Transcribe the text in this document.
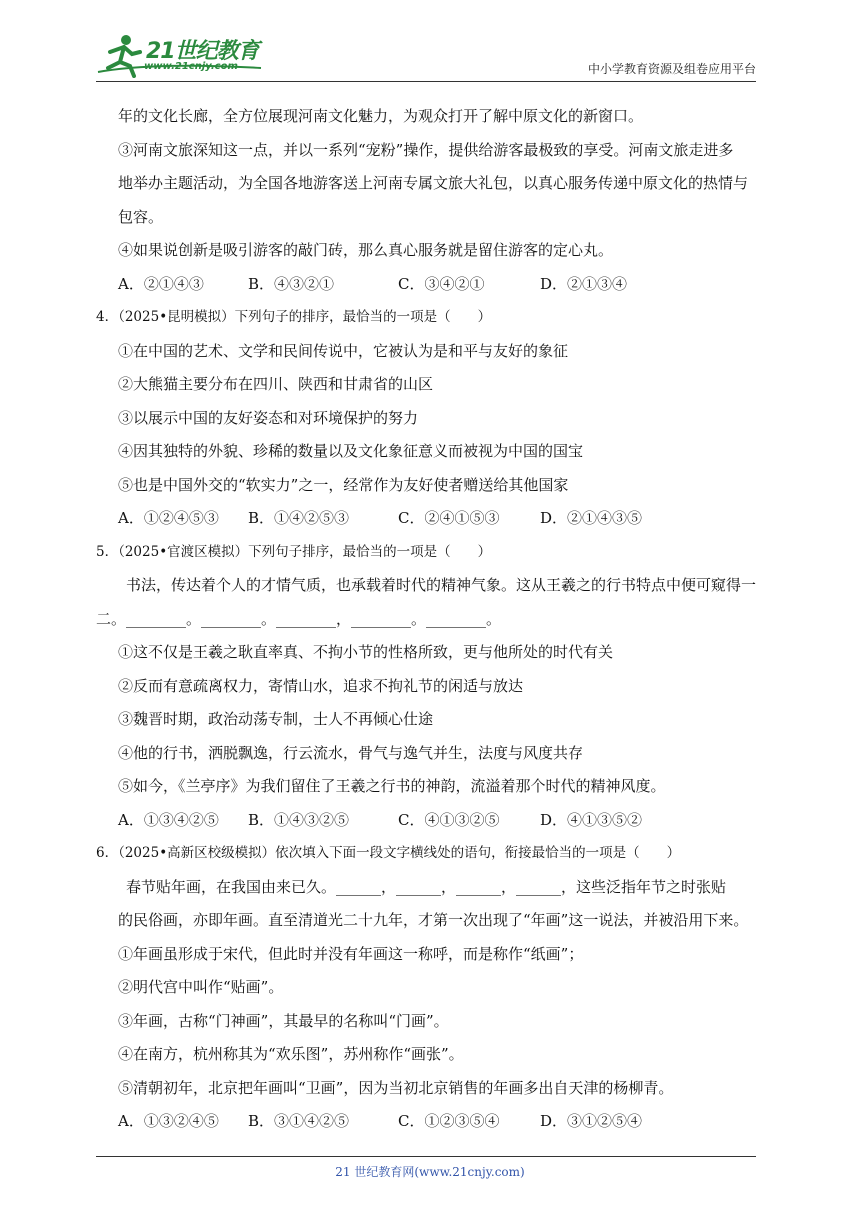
21世纪教育
www.21cnjy.com	中小学教育资源及组卷应用平台
年的文化长廊，全方位展现河南文化魅力，为观众打开了解中原文化的新窗口。
③河南文旅深知这一点，并以一系列“宠粉”操作，提供给游客最极致的享受。河南文旅走进多
地举办主题活动，为全国各地游客送上河南专属文旅大礼包，以真心服务传递中原文化的热情与
包容。
④如果说创新是吸引游客的敲门砖，那么真心服务就是留住游客的定心丸。
A．②①④③	B．④③②①	C．③④②①	D．②①③④
4．（2025•昆明模拟）下列句子的排序，最恰当的一项是（　　）
①在中国的艺术、文学和民间传说中，它被认为是和平与友好的象征
②大熊猫主要分布在四川、陕西和甘肃省的山区
③以展示中国的友好姿态和对环境保护的努力
④因其独特的外貌、珍稀的数量以及文化象征意义而被视为中国的国宝
⑤也是中国外交的“软实力”之一，经常作为友好使者赠送给其他国家
A．①②④⑤③ B．①④②⑤③	C．②④①⑤③	D．②①④③⑤
5．（2025•官渡区模拟）下列句子排序，最恰当的一项是（　　）
书法，传达着个人的才情气质，也承载着时代的精神气象。这从王羲之的行书特点中便可窥得一
二。________。________。________，________。________。
①这不仅是王羲之耿直率真、不拘小节的性格所致，更与他所处的时代有关
②反而有意疏离权力，寄情山水，追求不拘礼节的闲适与放达
③魏晋时期，政治动荡专制，士人不再倾心仕途
④他的行书，洒脱飘逸，行云流水，骨气与逸气并生，法度与风度共存
⑤如今，《兰亭序》为我们留住了王羲之行书的神韵，流溢着那个时代的精神风度。
A．①③④②⑤ B．①④③②⑤	C．④①③②⑤	D．④①③⑤②
6．（2025•高新区校级模拟）依次填入下面一段文字横线处的语句，衔接最恰当的一项是（　　）
春节贴年画，在我国由来已久。______，______，______，______，这些泛指年节之时张贴
的民俗画，亦即年画。直至清道光二十九年，才第一次出现了“年画”这一说法，并被沿用下来。
①年画虽形成于宋代，但此时并没有年画这一称呼，而是称作“纸画”；
②明代宫中叫作“贴画”。
③年画，古称“门神画”，其最早的名称叫“门画”。
④在南方，杭州称其为“欢乐图”，苏州称作“画张”。
⑤清朝初年，北京把年画叫“卫画”，因为当初北京销售的年画多出自天津的杨柳青。
A．①③②④⑤ B．③①④②⑤	C．①②③⑤④	D．③①②⑤④
21 世纪教育网(www.21cnjy.com)
